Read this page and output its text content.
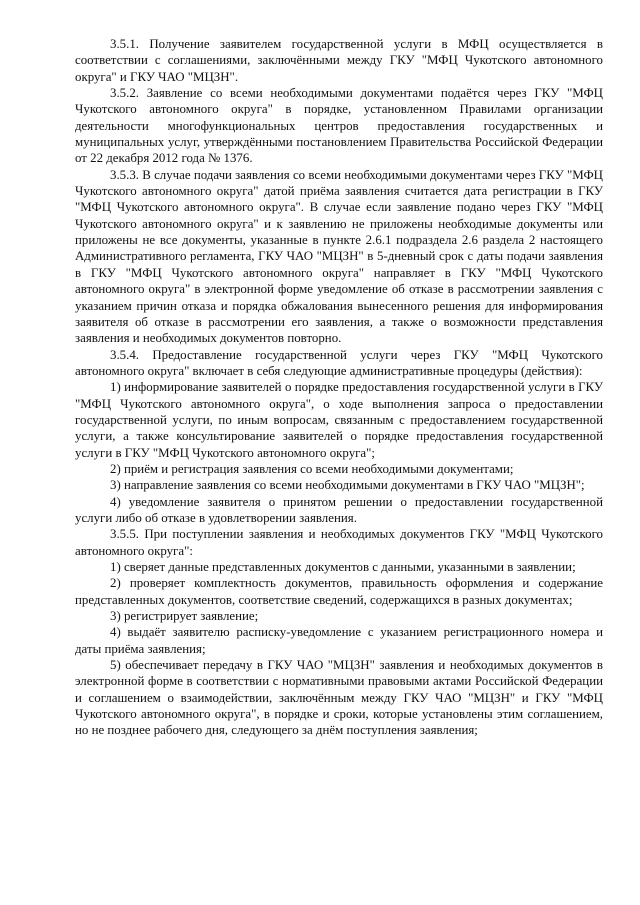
3.5.1. Получение заявителем государственной услуги в МФЦ осуществляется в соответствии с соглашениями, заключёнными между ГКУ "МФЦ Чукотского автономного округа" и ГКУ ЧАО "МЦЗН".

3.5.2. Заявление со всеми необходимыми документами подаётся через ГКУ "МФЦ Чукотского автономного округа" в порядке, установленном Правилами организации деятельности многофункциональных центров предоставления государственных и муниципальных услуг, утверждёнными постановлением Правительства Российской Федерации от 22 декабря 2012 года № 1376.

3.5.3. В случае подачи заявления со всеми необходимыми документами через ГКУ "МФЦ Чукотского автономного округа" датой приёма заявления считается дата регистрации в ГКУ "МФЦ Чукотского автономного округа". В случае если заявление подано через ГКУ "МФЦ Чукотского автономного округа" и к заявлению не приложены необходимые документы или приложены не все документы, указанные в пункте 2.6.1 подраздела 2.6 раздела 2 настоящего Административного регламента, ГКУ ЧАО "МЦЗН" в 5-дневный срок с даты подачи заявления в ГКУ "МФЦ Чукотского автономного округа" направляет в ГКУ "МФЦ Чукотского автономного округа" в электронной форме уведомление об отказе в рассмотрении заявления с указанием причин отказа и порядка обжалования вынесенного решения для информирования заявителя об отказе в рассмотрении его заявления, а также о возможности представления заявления и необходимых документов повторно.

3.5.4. Предоставление государственной услуги через ГКУ "МФЦ Чукотского автономного округа" включает в себя следующие административные процедуры (действия):

1) информирование заявителей о порядке предоставления государственной услуги в ГКУ "МФЦ Чукотского автономного округа", о ходе выполнения запроса о предоставлении государственной услуги, по иным вопросам, связанным с предоставлением государственной услуги, а также консультирование заявителей о порядке предоставления государственной услуги в ГКУ "МФЦ Чукотского автономного округа";

2) приём и регистрация заявления со всеми необходимыми документами;

3) направление заявления со всеми необходимыми документами в ГКУ ЧАО "МЦЗН";

4) уведомление заявителя о принятом решении о предоставлении государственной услуги либо об отказе в удовлетворении заявления.

3.5.5. При поступлении заявления и необходимых документов ГКУ "МФЦ Чукотского автономного округа":

1) сверяет данные представленных документов с данными, указанными в заявлении;

2) проверяет комплектность документов, правильность оформления и содержание представленных документов, соответствие сведений, содержащихся в разных документах;

3) регистрирует заявление;

4) выдаёт заявителю расписку-уведомление с указанием регистрационного номера и даты приёма заявления;

5) обеспечивает передачу в ГКУ ЧАО "МЦЗН" заявления и необходимых документов в электронной форме в соответствии с нормативными правовыми актами Российской Федерации и соглашением о взаимодействии, заключённым между ГКУ ЧАО "МЦЗН" и ГКУ "МФЦ Чукотского автономного округа", в порядке и сроки, которые установлены этим соглашением, но не позднее рабочего дня, следующего за днём поступления заявления;
